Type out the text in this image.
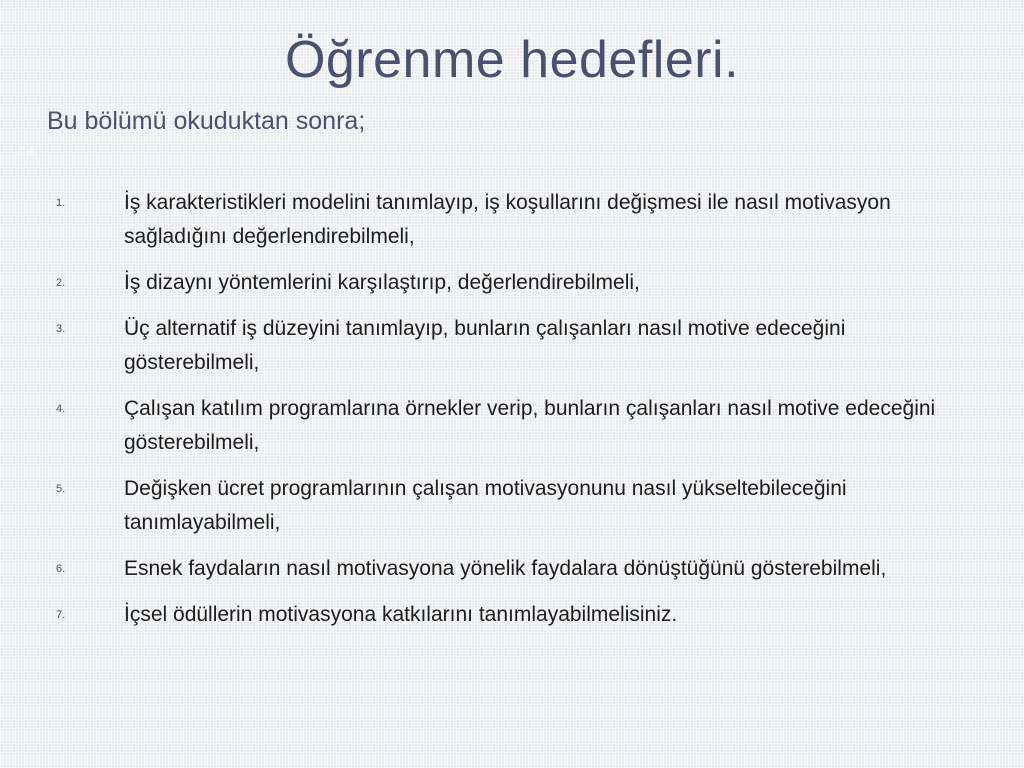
Öğrenme hedefleri.
Bu bölümü okuduktan sonra;
7-4
1.	İş karakteristikleri modelini tanımlayıp, iş koşullarını değişmesi ile nasıl motivasyon sağladığını değerlendirebilmeli,
2.	İş dizaynı yöntemlerini karşılaştırıp, değerlendirebilmeli,
3.	Üç alternatif iş düzeyini tanımlayıp, bunların çalışanları nasıl motive edeceğini gösterebilmeli,
4.	Çalışan katılım programlarına örnekler verip, bunların çalışanları nasıl motive edeceğini gösterebilmeli,
5.	Değişken ücret programlarının çalışan motivasyonunu nasıl yükseltebileceğini tanımlayabilmeli,
6.	Esnek faydaların nasıl motivasyona yönelik faydalara dönüştüğünü gösterebilmeli,
7.	İçsel ödüllerin motivasyona katkılarını tanımlayabilmelisiniz.
